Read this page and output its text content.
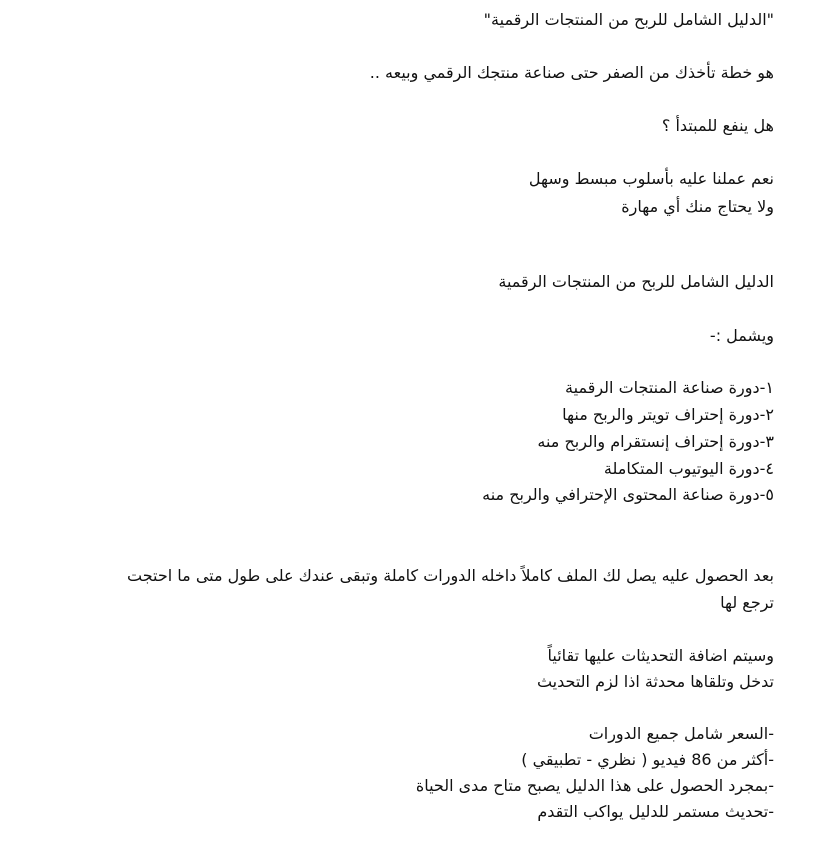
"الدليل الشامل للربح من المنتجات الرقمية"
هو خطة تأخذك من الصفر حتى صناعة منتجك الرقمي وبيعه ..
هل ينفع للمبتدأ ؟
نعم عملنا عليه بأسلوب مبسط وسهل
ولا يحتاج منك أي مهارة
الدليل الشامل للربح من المنتجات الرقمية
ويشمل :-
١-دورة صناعة المنتجات الرقمية
٢-دورة إحتراف تويتر والربح منها
٣-دورة إحتراف إنستقرام والربح منه
٤-دورة اليوتيوب المتكاملة
٥-دورة صناعة المحتوى الإحترافي والربح منه
بعد الحصول عليه يصل لك الملف كاملاً داخله الدورات كاملة وتبقى عندك على طول متى ما احتجت
ترجع لها
وسيتم اضافة التحديثات عليها تقائياً
تدخل وتلقاها محدثة اذا لزم التحديث
-السعر شامل جميع الدورات
-أكثر من 86 فيديو ( نظري - تطبيقي )
-بمجرد الحصول على هذا الدليل يصبح متاح مدى الحياة
-تحديث مستمر للدليل يواكب التقدم
